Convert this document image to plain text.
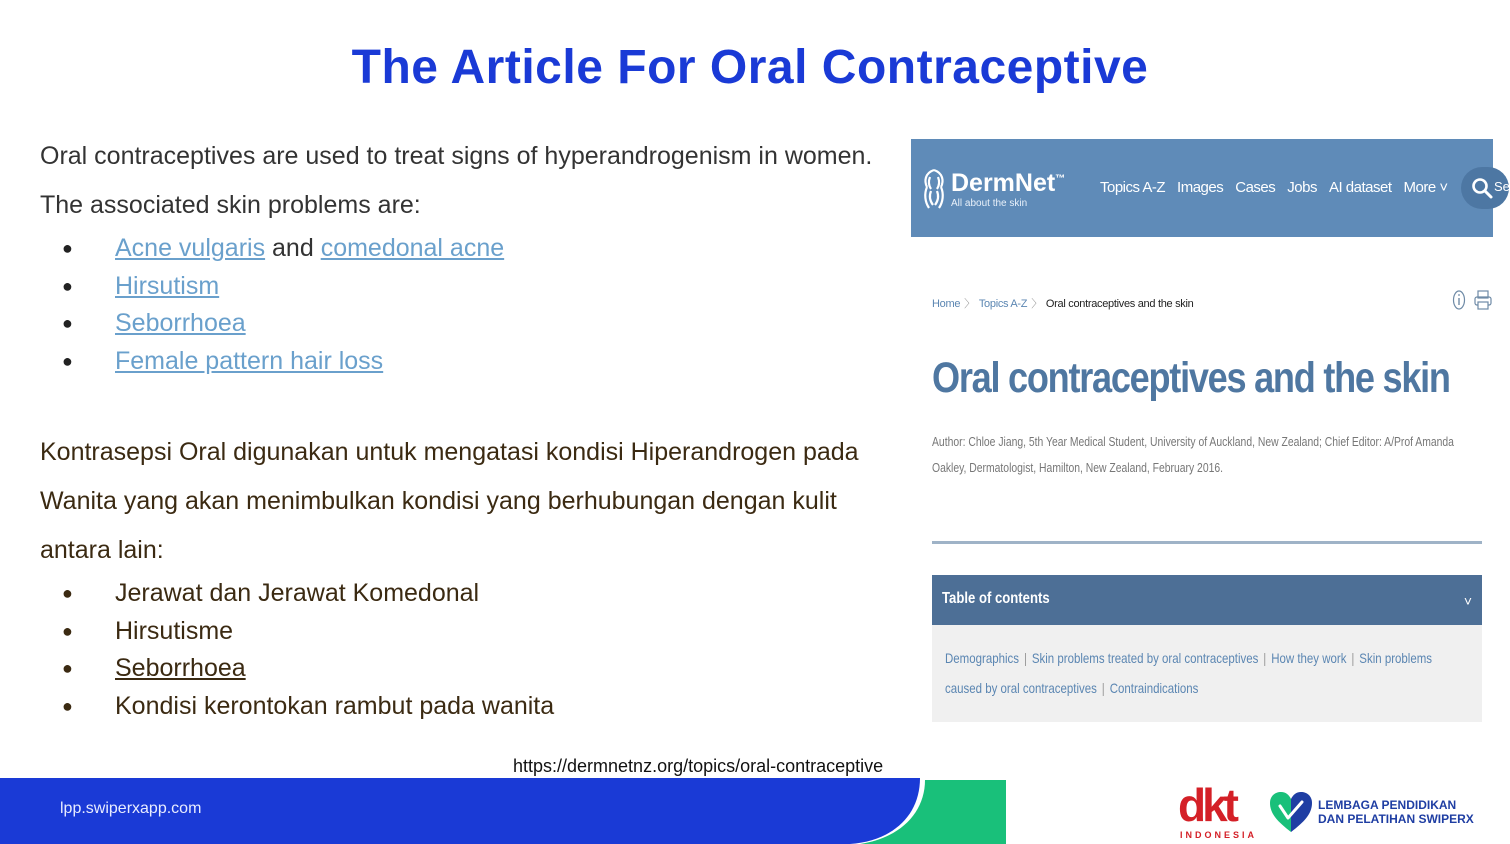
The Article For Oral Contraceptive

Oral contraceptives are used to treat signs of hyperandrogenism in women. The associated skin problems are:

● Acne vulgaris and comedonal acne
● Hirsutism
● Seborrhoea
● Female pattern hair loss

Kontrasepsi Oral digunakan untuk mengatasi kondisi Hiperandrogen pada Wanita yang akan menimbulkan kondisi yang berhubungan dengan kulit antara lain:

● Jerawat dan Jerawat Komedonal
● Hirsutisme
● Seborrhoea
● Kondisi kerontokan rambut pada wanita
DermNet™
All about the skin
Topics A-Z Images Cases Jobs AI dataset More ˅	Se
Home 〉 Topics A-Z 〉 Oral contraceptives and the skin
Oral contraceptives and the skin
Author: Chloe Jiang, 5th Year Medical Student, University of Auckland, New Zealand; Chief Editor: A/Prof Amanda Oakley, Dermatologist, Hamilton, New Zealand, February 2016.
Table of contents	˅
Demographics | Skin problems treated by oral contraceptives | How they work | Skin problems caused by oral contraceptives | Contraindications
https://dermnetnz.org/topics/oral-contraceptive
lpp.swiperxapp.com	dkt
INDONESIA
LEMBAGA PENDIDIKAN
DAN PELATIHAN SWIPERX
